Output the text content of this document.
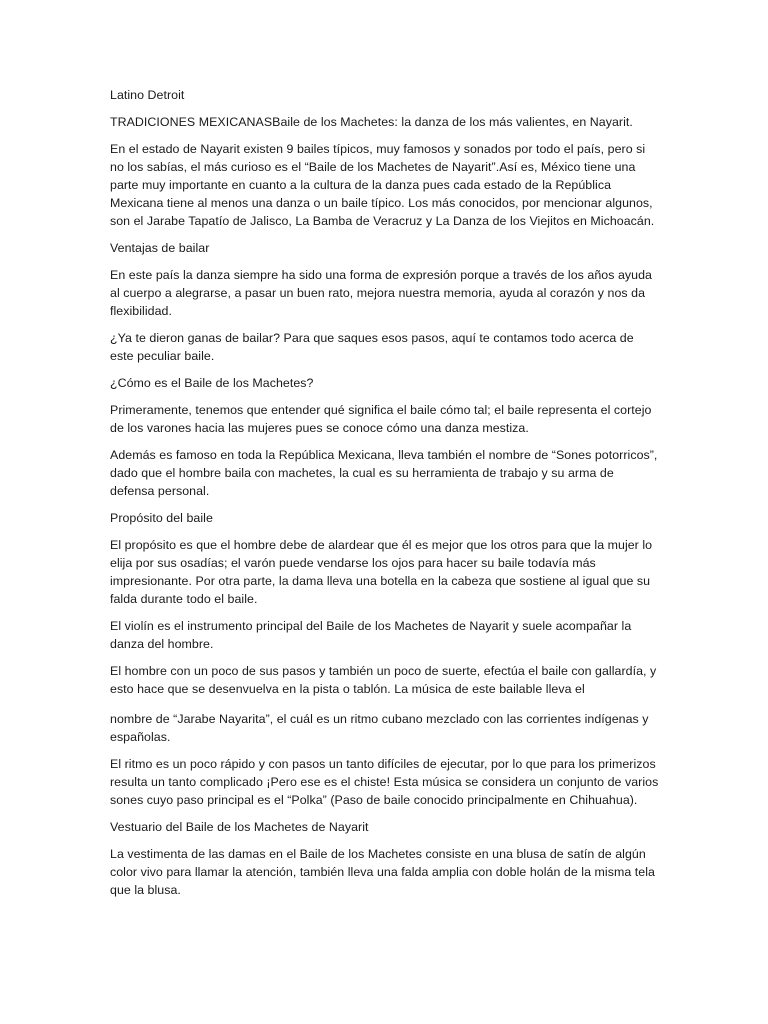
Latino Detroit

TRADICIONES MEXICANASBaile de los Machetes: la danza de los más valientes, en Nayarit.

En el estado de Nayarit existen 9 bailes típicos, muy famosos y sonados por todo el país, pero si no los sabías, el más curioso es el “Baile de los Machetes de Nayarit”.Así es, México tiene una parte muy importante en cuanto a la cultura de la danza pues cada estado de la República Mexicana tiene al menos una danza o un baile típico. Los más conocidos, por mencionar algunos, son el Jarabe Tapatío de Jalisco, La Bamba de Veracruz y La Danza de los Viejitos en Michoacán.

Ventajas de bailar

En este país la danza siempre ha sido una forma de expresión porque a través de los años ayuda al cuerpo a alegrarse, a pasar un buen rato, mejora nuestra memoria, ayuda al corazón y nos da flexibilidad.

¿Ya te dieron ganas de bailar? Para que saques esos pasos, aquí te contamos todo acerca de este peculiar baile.

¿Cómo es el Baile de los Machetes?

Primeramente, tenemos que entender qué significa el baile cómo tal; el baile representa el cortejo de los varones hacia las mujeres pues se conoce cómo una danza mestiza.

Además es famoso en toda la República Mexicana, lleva también el nombre de “Sones potorricos”, dado que el hombre baila con machetes, la cual es su herramienta de trabajo y su arma de defensa personal.

Propósito del baile

El propósito es que el hombre debe de alardear que él es mejor que los otros para que la mujer lo elija por sus osadías; el varón puede vendarse los ojos para hacer su baile todavía más impresionante. Por otra parte, la dama lleva una botella en la cabeza que sostiene al igual que su falda durante todo el baile.

El violín es el instrumento principal del Baile de los Machetes de Nayarit y suele acompañar la danza del hombre.

El hombre con un poco de sus pasos y también un poco de suerte, efectúa el baile con gallardía, y esto hace que se desenvuelva en la pista o tablón. La música de este bailable lleva el

nombre de “Jarabe Nayarita”, el cuál es un ritmo cubano mezclado con las corrientes indígenas y españolas.

El ritmo es un poco rápido y con pasos un tanto difíciles de ejecutar, por lo que para los primerizos resulta un tanto complicado ¡Pero ese es el chiste! Esta música se considera un conjunto de varios sones cuyo paso principal es el “Polka” (Paso de baile conocido principalmente en Chihuahua).

Vestuario del Baile de los Machetes de Nayarit

La vestimenta de las damas en el Baile de los Machetes consiste en una blusa de satín de algún color vivo para llamar la atención, también lleva una falda amplia con doble holán de la misma tela que la blusa.
